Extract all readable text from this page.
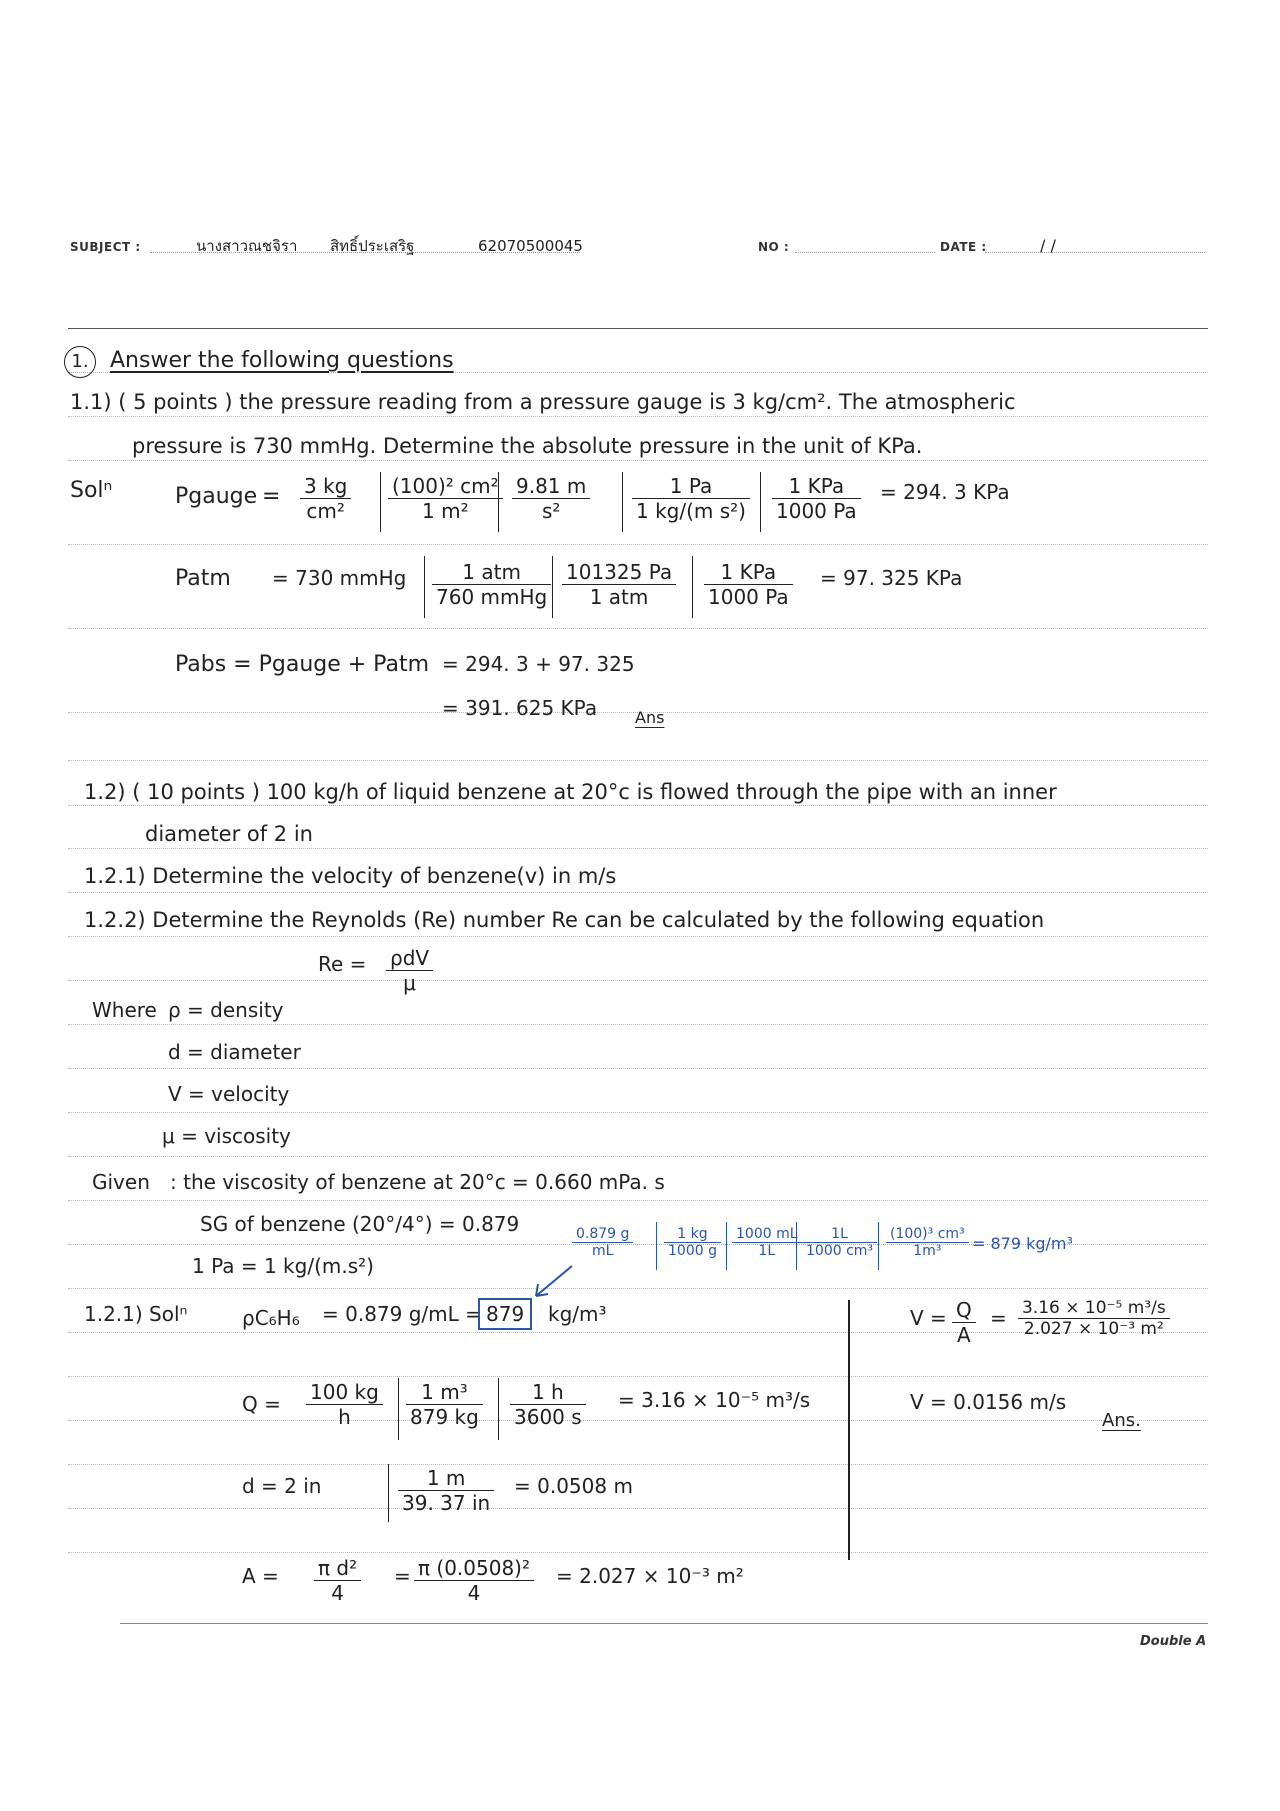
SUBJECT :	นางสาวณชจิรา สิทธิ์ประเสริฐ	62070500045	NO :	DATE :	/ /
1. Answer the following questions
1.1) ( 5 points ) the pressure reading from a pressure gauge is 3 kg/cm². The atmospheric
pressure is 730 mmHg. Determine the absolute pressure in the unit of KPa.
Solⁿ	Pgauge = $\frac{3 kg}{\text{cm²}} \frac{\text{(100)² cm²}}{\text{1 m²}} \frac{9.81 m}{\text{s²}} \frac{1 Pa}{\text{1 kg/(m s²)}}$	1 KPa
1000 Pa
= 294. 3 KPa
Patm = 730 mmHg	1 atm
760 mmHg
101325 Pa
1 atm
1 KPa
1000 Pa
= 97. 325 KPa
Pabs = Pgauge + Patm = 294. 3 + 97. 325
= 391. 625 KPa Ans
1.2) ( 10 points ) 100 kg/h of liquid benzene at 20°c is flowed through the pipe with an inner
diameter of 2 in
1.2.1) Determine the velocity of benzene(v) in m/s
1.2.2) Determine the Reynolds (Re) number Re can be calculated by the following equation
Re = ρdV
μ
Where ρ = density
d = diameter
V = velocity
μ = viscosity
Given : the viscosity of benzene at 20°c = 0.660 mPa. s
SG of benzene (20°/4°) = 0.879
1 Pa = 1 kg/(m.s²)
$\frac{0.879 g}{mL} \frac{1 kg}{1000 g} \frac{1000 mL}{1L} \frac{1L}{\text{1000 cm³}} \frac{\text{(100)³ cm³}}{\text{1m³}} = 879$ kg/m³
1.2.1) Solⁿ	ρC₆H₆ = 0.879 g/mL = 879	kg/m³
$Q = \frac{100 kg}{h} \frac{\text{1 m³}}{879 kg} \frac{1 h}{3600 s} = 3.16 \times 10^{-5}$ m³/s
d = 2 in	$\frac{1 m}{39. 37 in} = 0.0508$ m
$A = \frac{\text{π d²}}{4} = \frac{\text{π (0.0508)²}}{4} = 2.027 \times 10^{-3}$ m²
$V = \frac{Q}{A} = \frac{\text{3.16 × 10⁻⁵ m³/s}}{\text{2.027 × 10⁻³ m²}}$
V = 0.0156 m/s
Ans.
Double A
